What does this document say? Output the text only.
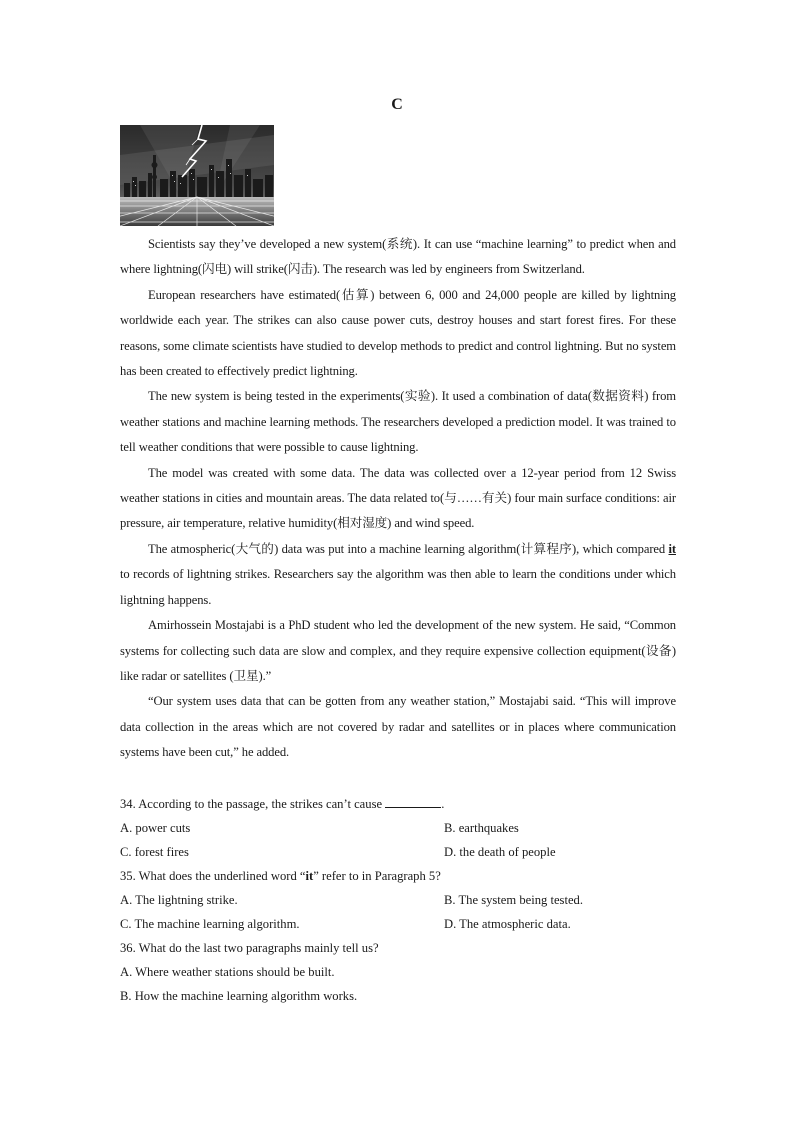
C

Scientists say they’ve developed a new system(系统). It can use “machine learning” to predict when and where lightning(闪电) will strike(闪击). The research was led by engineers from Switzerland.

European researchers have estimated(估算) between 6, 000 and 24,000 people are killed by lightning worldwide each year. The strikes can also cause power cuts, destroy houses and start forest fires. For these reasons, some climate scientists have studied to develop methods to predict and control lightning. But no system has been created to effectively predict lightning.

The new system is being tested in the experiments(实验). It used a combination of data(数据资料) from weather stations and machine learning methods. The researchers developed a prediction model. It was trained to tell weather conditions that were possible to cause lightning.

The model was created with some data. The data was collected over a 12-year period from 12 Swiss weather stations in cities and mountain areas. The data related to(与……有关) four main surface conditions: air pressure, air temperature, relative humidity(相对湿度) and wind speed.

The atmospheric(大气的) data was put into a machine learning algorithm(计算程序), which compared it to records of lightning strikes. Researchers say the algorithm was then able to learn the conditions under which lightning happens.

Amirhossein Mostajabi is a PhD student who led the development of the new system. He said, “Common systems for collecting such data are slow and complex, and they require expensive collection equipment(设备) like radar or satellites (卫星).”

“Our system uses data that can be gotten from any weather station,” Mostajabi said. “This will improve data collection in the areas which are not covered by radar and satellites or in places where communication systems have been cut,” he added.

34. According to the passage, the strikes can’t cause	.

A. power cuts	B. earthquakes
C. forest fires	D. the death of people

35. What does the underlined word “it” refer to in Paragraph 5?

A. The lightning strike.	B. The system being tested.
C. The machine learning algorithm.	D. The atmospheric data.

36. What do the last two paragraphs mainly tell us?

A. Where weather stations should be built.

B. How the machine learning algorithm works.
